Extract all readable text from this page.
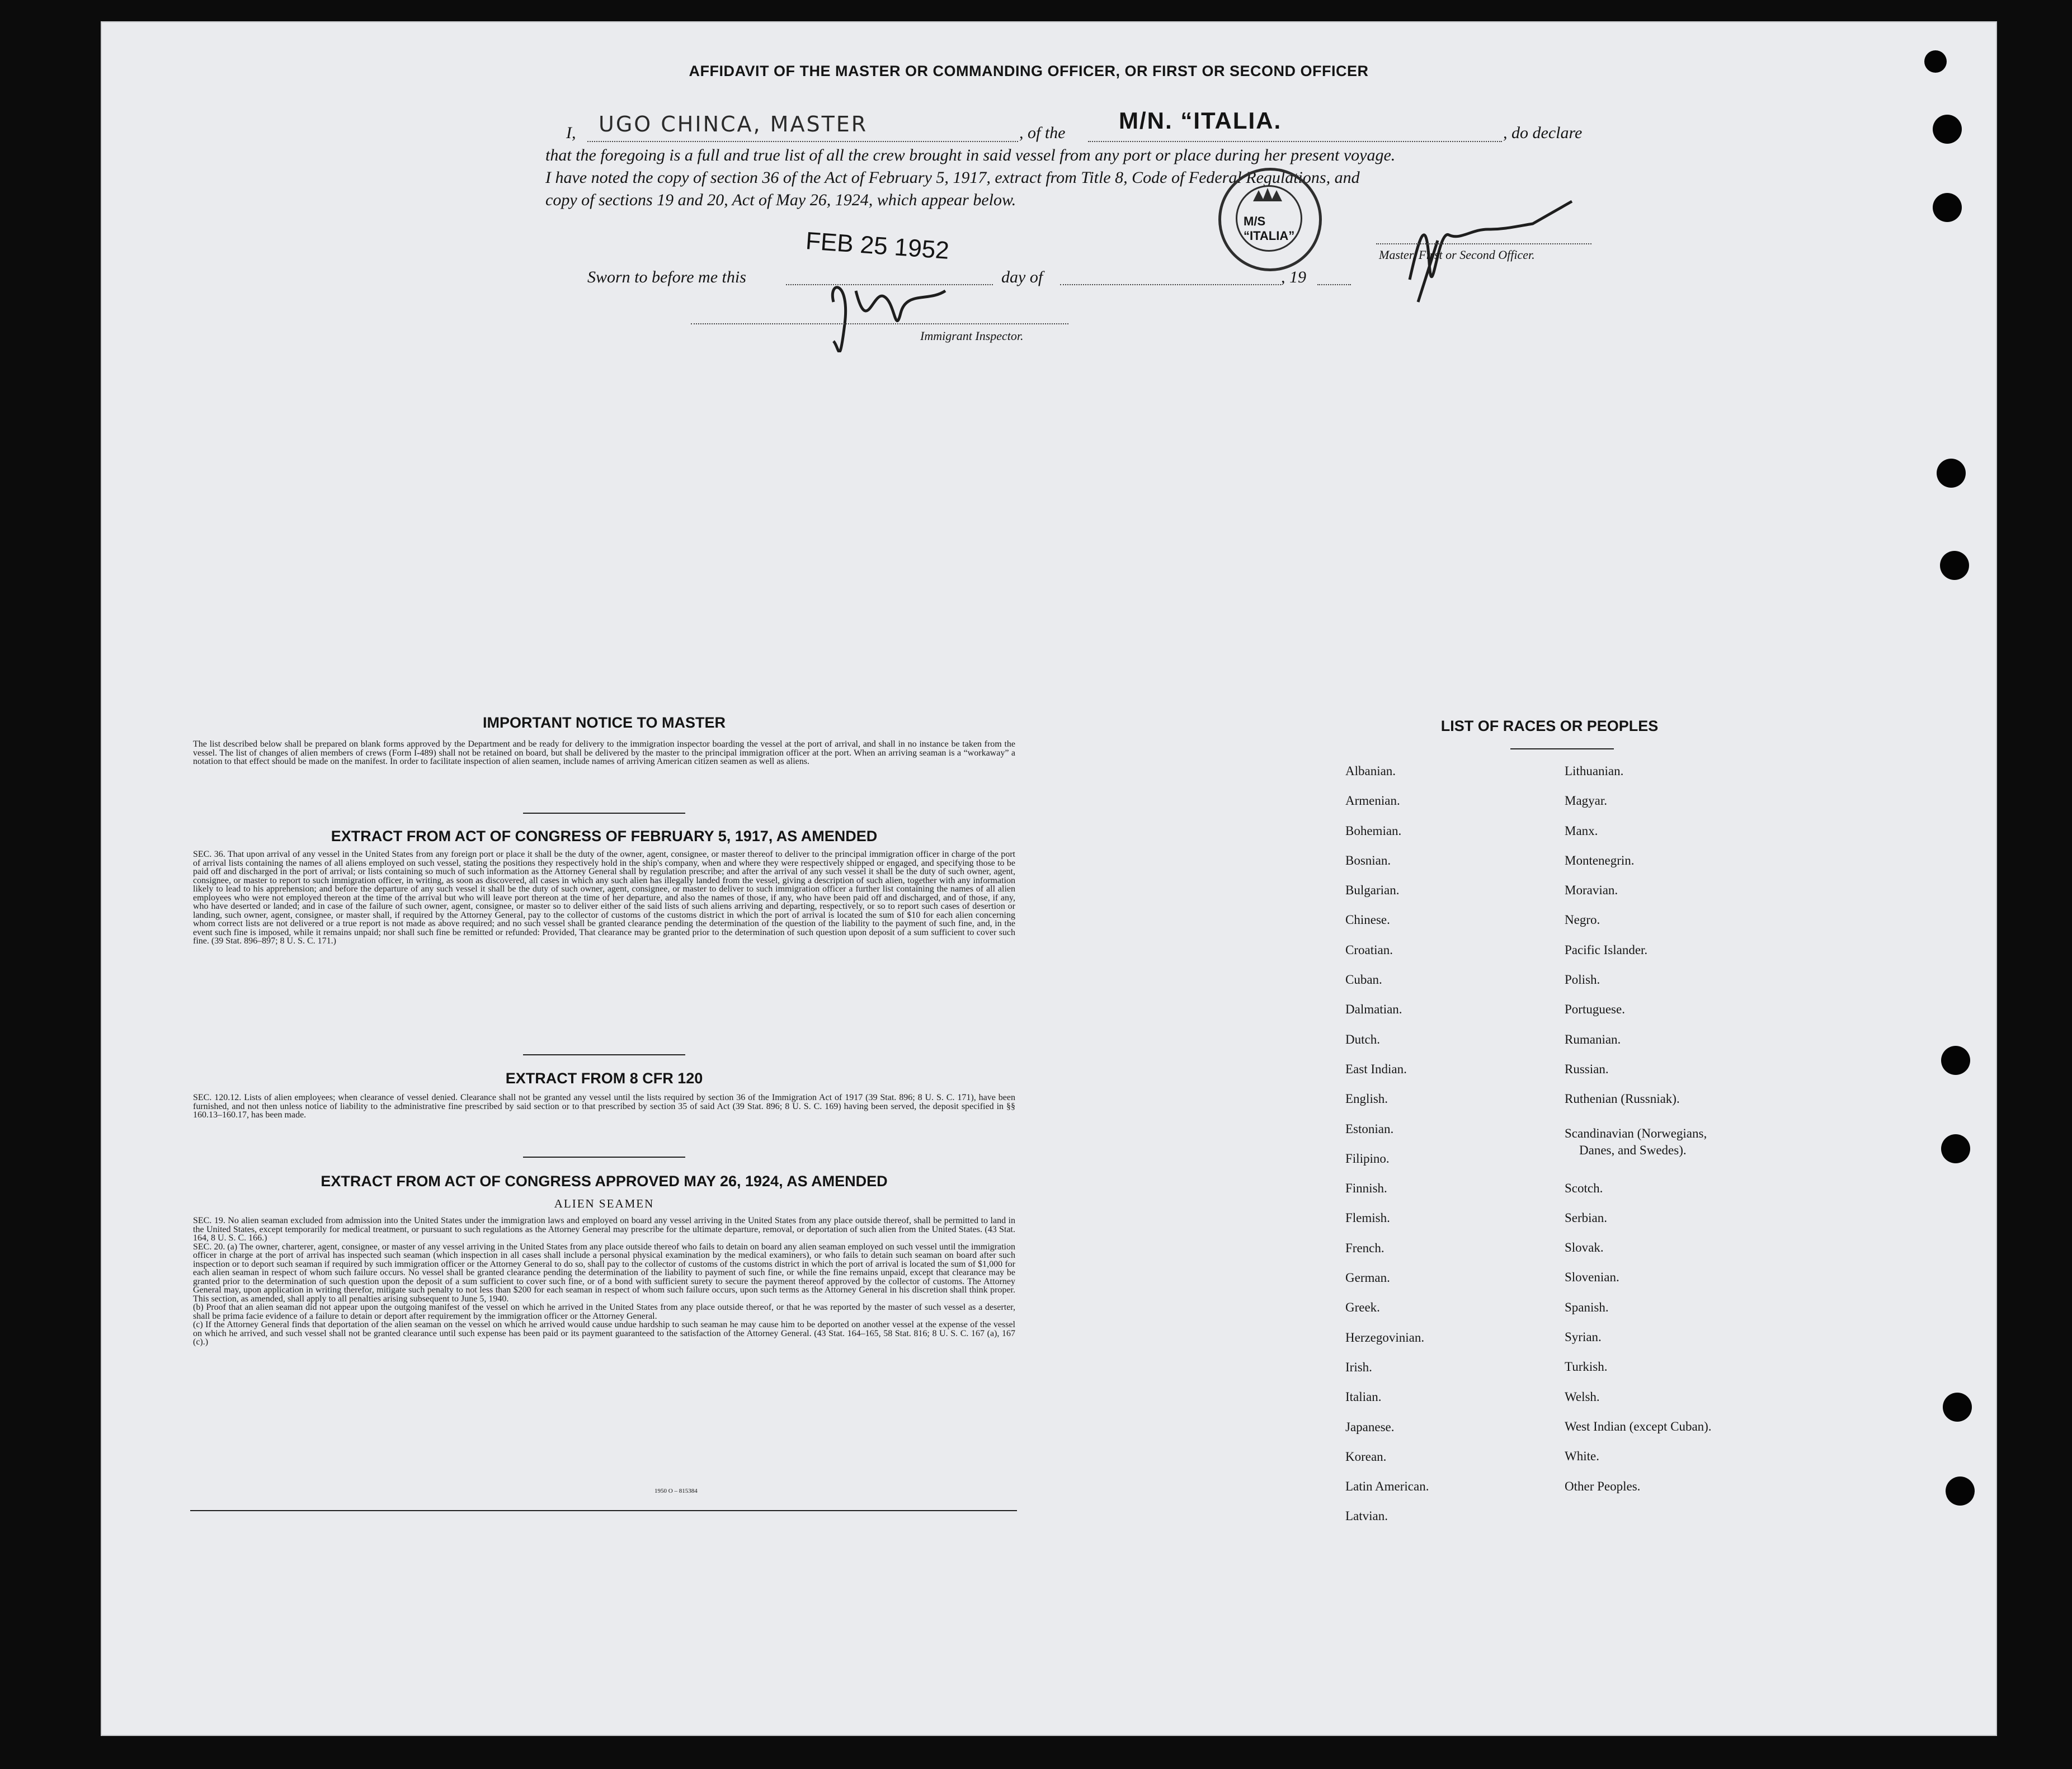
AFFIDAVIT OF THE MASTER OR COMMANDING OFFICER, OR FIRST OR SECOND OFFICER
I, UGO CHINCA, MASTER	, of the M/N. “ITALIA.	, do declare
that the foregoing is a full and true list of all the crew brought in said vessel from any port or place during her present voyage.
I have noted the copy of section 36 of the Act of February 5, 1917, extract from Title 8, Code of Federal Regulations, and
copy of sections 19 and 20, Act of May 26, 1924, which appear below.
M/S “ITALIA”
Master, First or Second Officer.
Sworn to before me this
FEB 25 1952
day of	, 19
Immigrant Inspector.
IMPORTANT NOTICE TO MASTER
The list described below shall be prepared on blank forms approved by the Department and be ready for delivery to the immigration inspector boarding the vessel at the port of arrival, and shall in no instance be taken from the vessel. The list of changes of alien members of crews (Form I-489) shall not be retained on board, but shall be delivered by the master to the principal immigration officer at the port. When an arriving seaman is a “workaway” a notation to that effect should be made on the manifest. In order to facilitate inspection of alien seamen, include names of arriving American citizen seamen as well as aliens.
EXTRACT FROM ACT OF CONGRESS OF FEBRUARY 5, 1917, AS AMENDED
SEC. 36. That upon arrival of any vessel in the United States from any foreign port or place it shall be the duty of the owner, agent, consignee, or master thereof to deliver to the principal immigration officer in charge of the port of arrival lists containing the names of all aliens employed on such vessel, stating the positions they respectively hold in the ship's company, when and where they were respectively shipped or engaged, and specifying those to be paid off and discharged in the port of arrival; or lists containing so much of such information as the Attorney General shall by regulation prescribe; and after the arrival of any such vessel it shall be the duty of such owner, agent, consignee, or master to report to such immigration officer, in writing, as soon as discovered, all cases in which any such alien has illegally landed from the vessel, giving a description of such alien, together with any information likely to lead to his apprehension; and before the departure of any such vessel it shall be the duty of such owner, agent, consignee, or master to deliver to such immigration officer a further list containing the names of all alien employees who were not employed thereon at the time of the arrival but who will leave port thereon at the time of her departure, and also the names of those, if any, who have been paid off and discharged, and of those, if any, who have deserted or landed; and in case of the failure of such owner, agent, consignee, or master so to deliver either of the said lists of such aliens arriving and departing, respectively, or so to report such cases of desertion or landing, such owner, agent, consignee, or master shall, if required by the Attorney General, pay to the collector of customs of the customs district in which the port of arrival is located the sum of $10 for each alien concerning whom correct lists are not delivered or a true report is not made as above required; and no such vessel shall be granted clearance pending the determination of the question of the liability to the payment of such fine, and, in the event such fine is imposed, while it remains unpaid; nor shall such fine be remitted or refunded: Provided, That clearance may be granted prior to the determination of such question upon deposit of a sum sufficient to cover such fine. (39 Stat. 896–897; 8 U. S. C. 171.)
EXTRACT FROM 8 CFR 120
SEC. 120.12. Lists of alien employees; when clearance of vessel denied. Clearance shall not be granted any vessel until the lists required by section 36 of the Immigration Act of 1917 (39 Stat. 896; 8 U. S. C. 171), have been furnished, and not then unless notice of liability to the administrative fine prescribed by said section or to that prescribed by section 35 of said Act (39 Stat. 896; 8 U. S. C. 169) having been served, the deposit specified in §§ 160.13–160.17, has been made.
EXTRACT FROM ACT OF CONGRESS APPROVED MAY 26, 1924, AS AMENDED
ALIEN SEAMEN
SEC. 19. No alien seaman excluded from admission into the United States under the immigration laws and employed on board any vessel arriving in the United States from any place outside thereof, shall be permitted to land in the United States, except temporarily for medical treatment, or pursuant to such regulations as the Attorney General may prescribe for the ultimate departure, removal, or deportation of such alien from the United States. (43 Stat. 164, 8 U. S. C. 166.)
SEC. 20. (a) The owner, charterer, agent, consignee, or master of any vessel arriving in the United States from any place outside thereof who fails to detain on board any alien seaman employed on such vessel until the immigration officer in charge at the port of arrival has inspected such seaman (which inspection in all cases shall include a personal physical examination by the medical examiners), or who fails to detain such seaman on board after such inspection or to deport such seaman if required by such immigration officer or the Attorney General to do so, shall pay to the collector of customs of the customs district in which the port of arrival is located the sum of $1,000 for each alien seaman in respect of whom such failure occurs. No vessel shall be granted clearance pending the determination of the liability to payment of such fine, or while the fine remains unpaid, except that clearance may be granted prior to the determination of such question upon the deposit of a sum sufficient to cover such fine, or of a bond with sufficient surety to secure the payment thereof approved by the collector of customs. The Attorney General may, upon application in writing therefor, mitigate such penalty to not less than $200 for each seaman in respect of whom such failure occurs, upon such terms as the Attorney General in his discretion shall think proper. This section, as amended, shall apply to all penalties arising subsequent to June 5, 1940.
(b) Proof that an alien seaman did not appear upon the outgoing manifest of the vessel on which he arrived in the United States from any place outside thereof, or that he was reported by the master of such vessel as a deserter, shall be prima facie evidence of a failure to detain or deport after requirement by the immigration officer or the Attorney General.
(c) If the Attorney General finds that deportation of the alien seaman on the vessel on which he arrived would cause undue hardship to such seaman he may cause him to be deported on another vessel at the expense of the vessel on which he arrived, and such vessel shall not be granted clearance until such expense has been paid or its payment guaranteed to the satisfaction of the Attorney General. (43 Stat. 164–165, 58 Stat. 816; 8 U. S. C. 167 (a), 167 (c).)
1950 O – 815384
LIST OF RACES OR PEOPLES
Albanian.
Armenian.
Bohemian.
Bosnian.
Bulgarian.
Chinese.
Croatian.
Cuban.
Dalmatian.
Dutch.
East Indian.
English.
Estonian.
Filipino.
Finnish.
Flemish.
French.
German.
Greek.
Herzegovinian.
Irish.
Italian.
Japanese.
Korean.
Latin American.
Latvian.
Lithuanian.
Magyar.
Manx.
Montenegrin.
Moravian.
Negro.
Pacific Islander.
Polish.
Portuguese.
Rumanian.
Russian.
Ruthenian (Russniak).
Scandinavian (Norwegians,
Danes, and Swedes).
Scotch.
Serbian.
Slovak.
Slovenian.
Spanish.
Syrian.
Turkish.
Welsh.
West Indian (except Cuban).
White.
Other Peoples.
